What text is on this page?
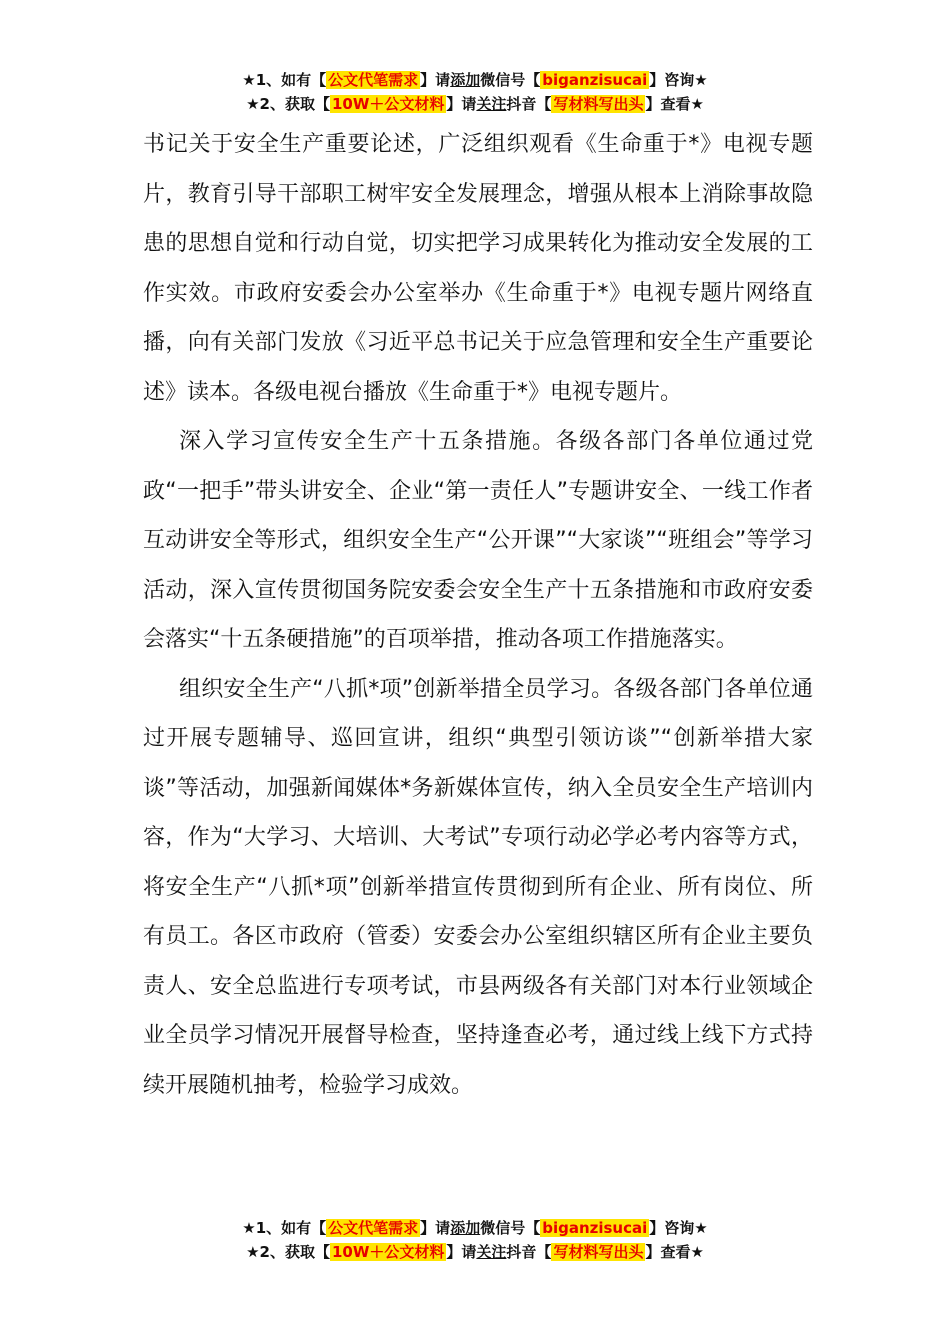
★1、如有【 公文代笔需求 】请添加微信号【 biganzisucai 】咨询★
★2、获取【 10W＋公文材料 】请关注抖音【 写材料写出头 】查看★

书记关于安全生产重要论述，广泛组织观看《生命重于*》电视专题片，教育引导干部职工树牢安全发展理念，增强从根本上消除事故隐患的思想自觉和行动自觉，切实把学习成果转化为推动安全发展的工作实效。市政府安委会办公室举办《生命重于*》电视专题片网络直播，向有关部门发放《习近平总书记关于应急管理和安全生产重要论述》读本。各级电视台播放《生命重于*》电视专题片。

深入学习宣传安全生产十五条措施。各级各部门各单位通过党政“一把手”带头讲安全、企业“第一责任人”专题讲安全、一线工作者互动讲安全等形式，组织安全生产“公开课”“大家谈”“班组会”等学习活动，深入宣传贯彻国务院安委会安全生产十五条措施和市政府安委会落实“十五条硬措施”的百项举措，推动各项工作措施落实。

组织安全生产“八抓*项”创新举措全员学习。各级各部门各单位通过开展专题辅导、巡回宣讲，组织“典型引领访谈”“创新举措大家谈”等活动，加强新闻媒体*务新媒体宣传，纳入全员安全生产培训内容，作为“大学习、大培训、大考试”专项行动必学必考内容等方式，将安全生产“八抓*项”创新举措宣传贯彻到所有企业、所有岗位、所有员工。各区市政府（管委）安委会办公室组织辖区所有企业主要负责人、安全总监进行专项考试，市县两级各有关部门对本行业领域企业全员学习情况开展督导检查，坚持逢查必考，通过线上线下方式持续开展随机抽考，检验学习成效。

★1、如有【 公文代笔需求 】请添加微信号【 biganzisucai 】咨询★
★2、获取【 10W＋公文材料 】请关注抖音【 写材料写出头 】查看★
